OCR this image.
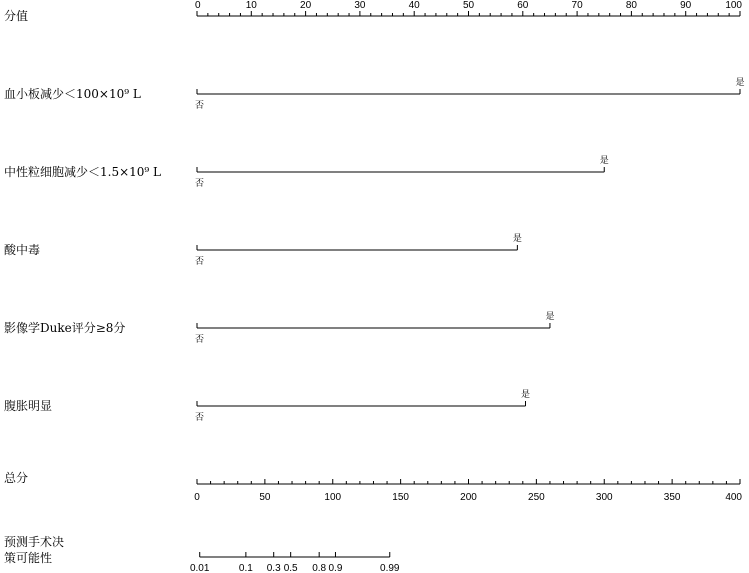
分值
0	10	20	30	40	50	60	70	80	90	100
血小板减少＜100×10⁹ L
否
是
中性粒细胞减少＜1.5×10⁹ L
否
是
酸中毒
否
是
影像学Duke评分≥8分
否
是
腹胀明显
否
是
总分
0	50	100	150	200	250	300	350	400
预测手术决
策可能性
0.01	0.1 0.3 0.5 0.8 0.9	0.99
